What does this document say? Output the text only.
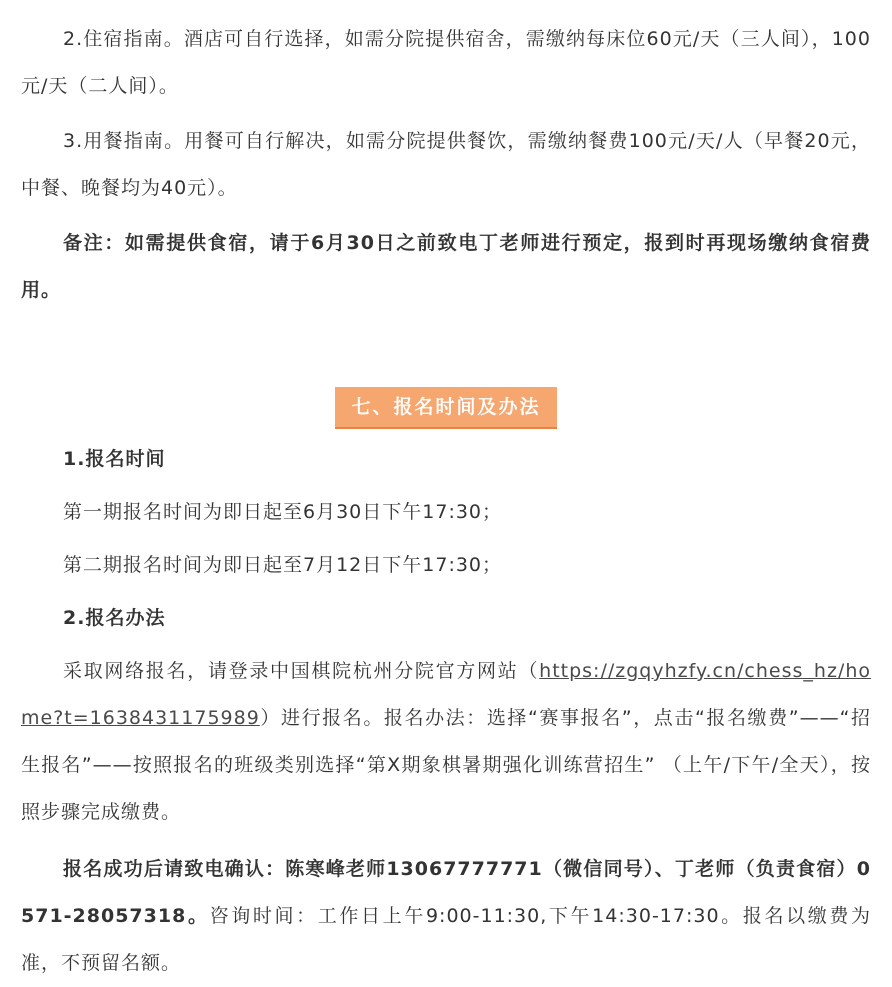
2.住宿指南。酒店可自行选择，如需分院提供宿舍，需缴纳每床位60元/天（三人间），100元/天（二人间）。

3.用餐指南。用餐可自行解决，如需分院提供餐饮，需缴纳餐费100元/天/人（早餐20元，中餐、晚餐均为40元）。

备注：如需提供食宿，请于6月30日之前致电丁老师进行预定，报到时再现场缴纳食宿费用。

七、报名时间及办法

1.报名时间

第一期报名时间为即日起至6月30日下午17:30；

第二期报名时间为即日起至7月12日下午17:30；

2.报名办法

采取网络报名，请登录中国棋院杭州分院官方网站（https://zgqyhzfy.cn/chess_hz/home?t=1638431175989）进行报名。报名办法：选择“赛事报名”，点击“报名缴费”——“招生报名”——按照报名的班级类别选择“第X期象棋暑期强化训练营招生” （上午/下午/全天），按照步骤完成缴费。

报名成功后请致电确认：陈寒峰老师13067777771（微信同号）、丁老师（负责食宿）0571-28057318。咨询时间：工作日上午9:00-11:30,下午14:30-17:30。报名以缴费为准，不预留名额。
